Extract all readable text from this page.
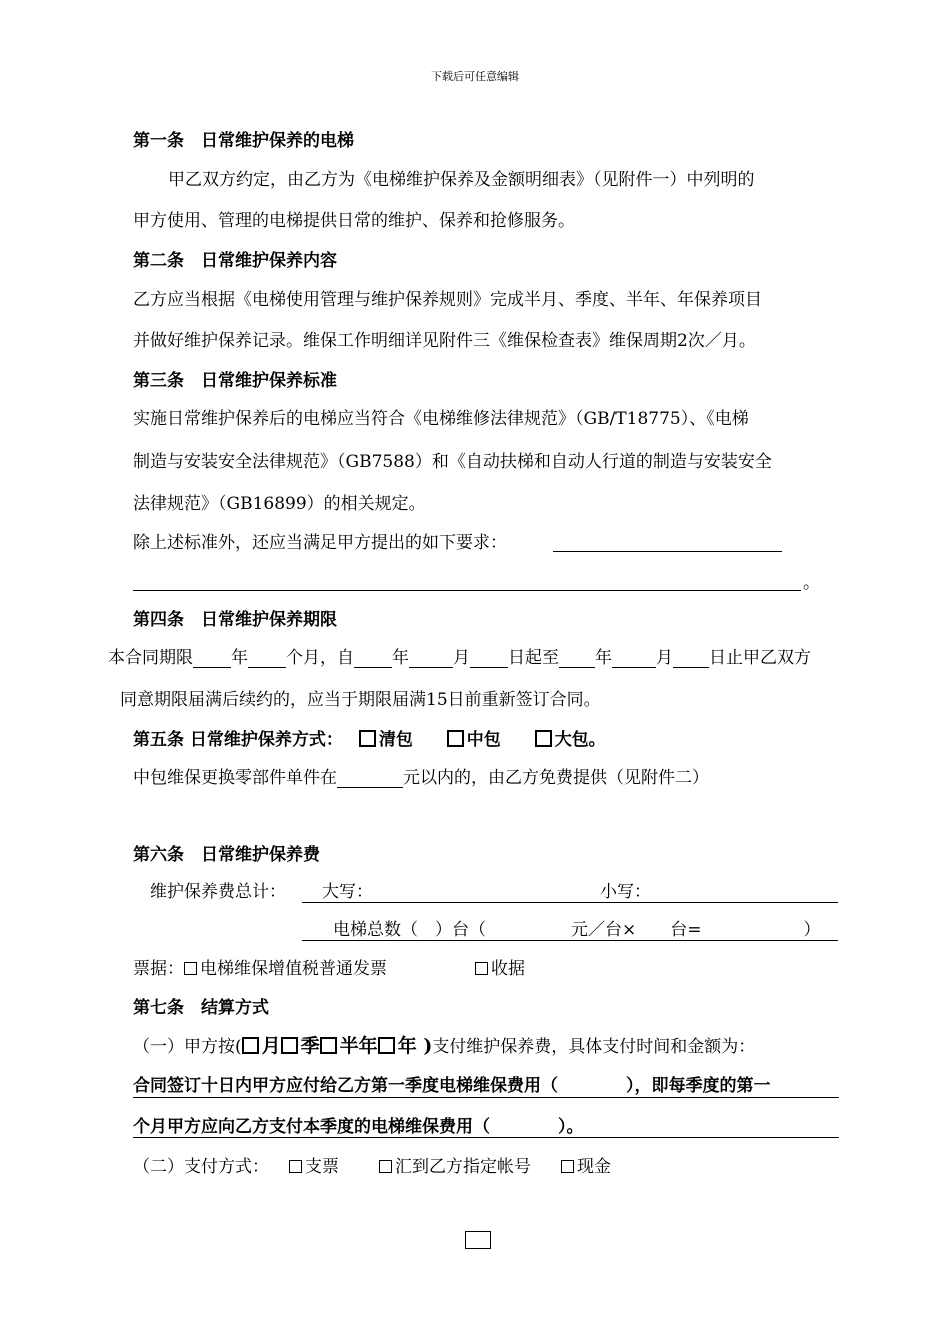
下载后可任意编辑
第一条　日常维护保养的电梯
甲乙双方约定，由乙方为《电梯维护保养及金额明细表》（见附件一）中列明的
甲方使用、管理的电梯提供日常的维护、保养和抢修服务。
第二条　日常维护保养内容
乙方应当根据《电梯使用管理与维护保养规则》完成半月、季度、半年、年保养项目
并做好维护保养记录。维保工作明细详见附件三《维保检查表》维保周期2次／月。
第三条　日常维护保养标准
实施日常维护保养后的电梯应当符合《电梯维修法律规范》（GB/T18775）、《电梯
制造与安装安全法律规范》（GB7588）和《自动扶梯和自动人行道的制造与安装安全
法律规范》（GB16899）的相关规定。
除上述标准外，还应当满足甲方提出的如下要求：
。
第四条　日常维护保养期限
本合同期限 年 个月，自 年	月 日起至 年	月 日止甲乙双方
同意期限届满后续约的，应当于期限届满15日前重新签订合同。
第五条 日常维护保养方式： 清包	中包	大包。
中包维保更换零部件单件在	元以内的，由乙方免费提供（见附件二）
第六条　日常维护保养费
维护保养费总计： 大写：	小写：
电梯总数（　）台（　　　　　元／台×　　台=　　　　　　）
票据： 电梯维保增值税普通发票	收据
第七条　结算方式
（一）甲方按( 月 季 半年 年 )支付维护保养费，具体支付时间和金额为：
合同签订十日内甲方应付给乙方第一季度电梯维保费用（　　　　），即每季度的第一
个月甲方应向乙方支付本季度的电梯维保费用（　　　　）。
（二）支付方式： 支票	汇到乙方指定帐号	现金
